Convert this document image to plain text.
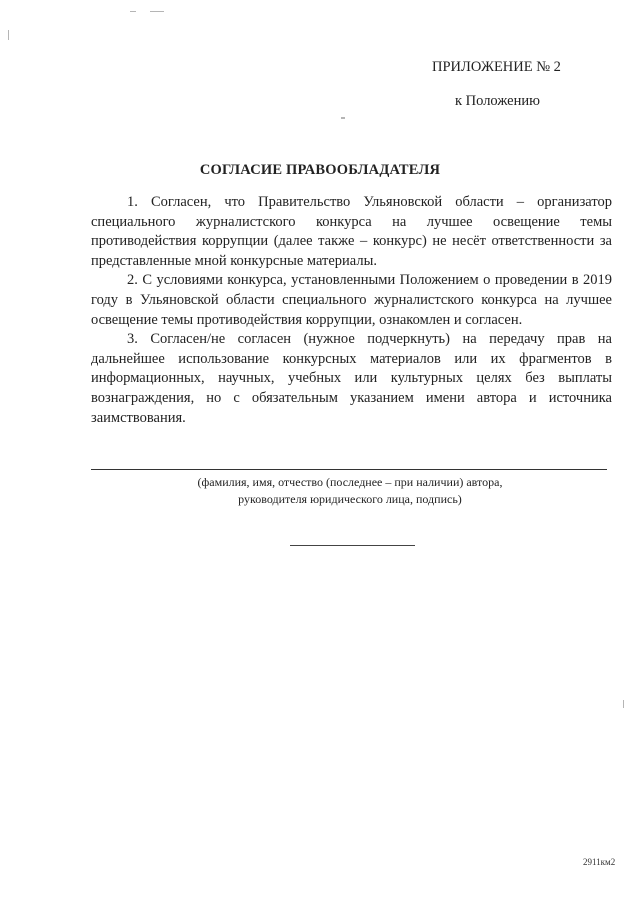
ПРИЛОЖЕНИЕ № 2
к Положению
СОГЛАСИЕ ПРАВООБЛАДАТЕЛЯ

1. Согласен, что Правительство Ульяновской области – организатор специального журналистского конкурса на лучшее освещение темы противодействия коррупции (далее также – конкурс) не несёт ответственности за представленные мной конкурсные материалы.

2. С условиями конкурса, установленными Положением о проведении в 2019 году в Ульяновской области специального журналистского конкурса на лучшее освещение темы противодействия коррупции, ознакомлен и согласен.

3. Согласен/не согласен (нужное подчеркнуть) на передачу прав на дальнейшее использование конкурсных материалов или их фрагментов в информационных, научных, учебных или культурных целях без выплаты вознаграждения, но с обязательным указанием имени автора и источника заимствования.

(фамилия, имя, отчество (последнее – при наличии) автора,
руководителя юридического лица, подпись)
2911км2
